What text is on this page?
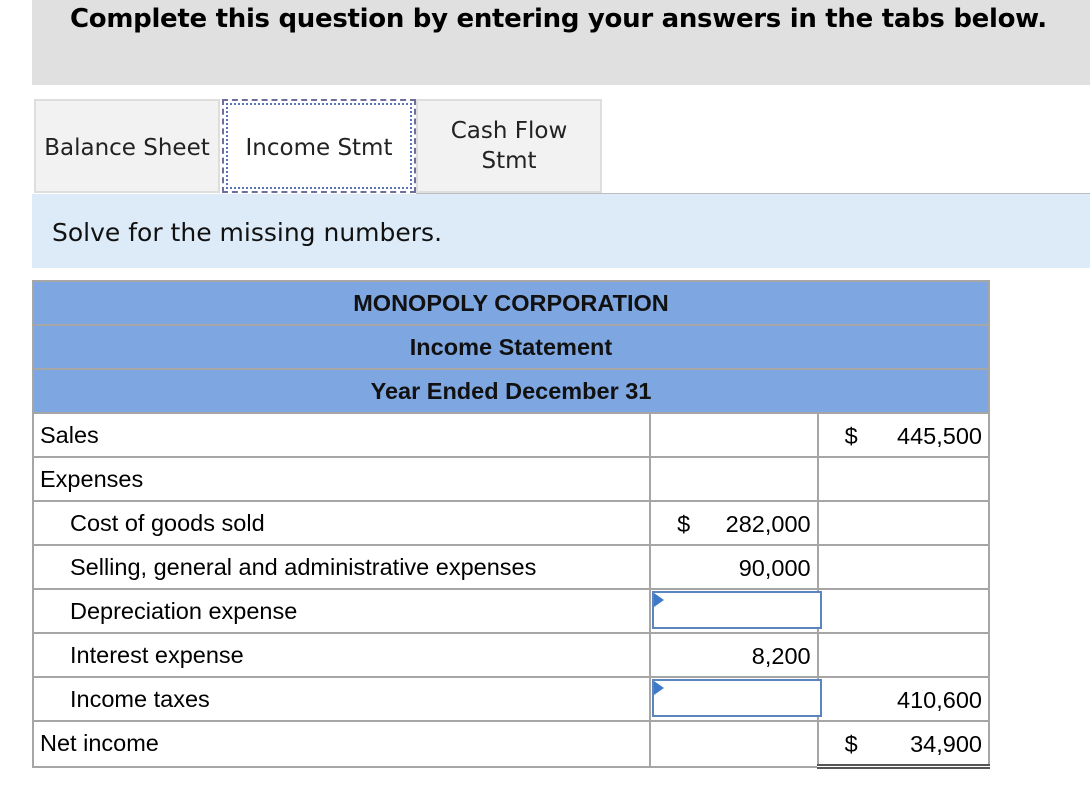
Complete this question by entering your answers in the tabs below.
Balance Sheet Income Stmt
Cash Flow
Stmt
Solve for the missing numbers.
MONOPOLY CORPORATION		
Income Statement		
Year Ended December 31		
Sales		$ 445,500

Expenses		
Cost of goods sold	$ 282,000	

Selling, general and administrative expenses	90,000	

Depreciation expense	

Interest expense	8,200	

Income taxes		410,600

Net income		$ 34,900
